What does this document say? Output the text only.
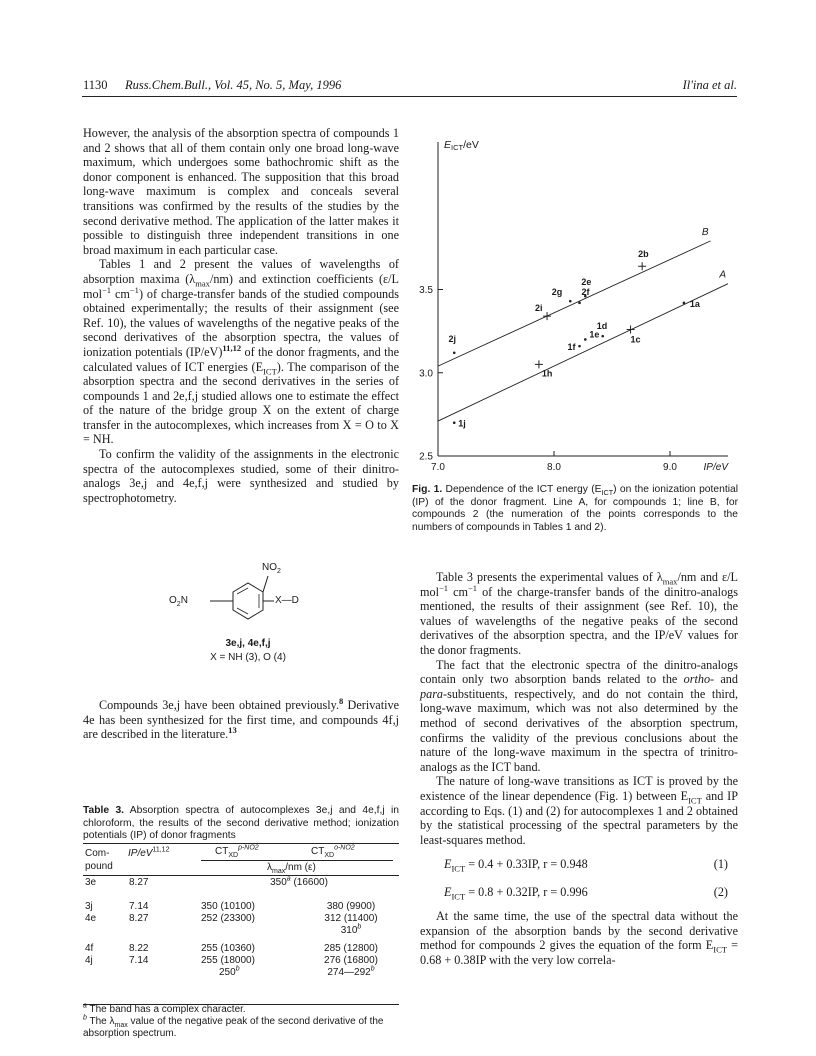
1130 Russ.Chem.Bull., Vol. 45, No. 5, May, 1996	Il'ina et al.

However, the analysis of the absorption spectra of compounds 1 and 2 shows that all of them contain only one broad long-wave maximum, which undergoes some bathochromic shift as the donor component is enhanced. The supposition that this broad long-wave maximum is complex and conceals several transitions was confirmed by the results of the studies by the second derivative method. The application of the latter makes it possible to distinguish three independent transitions in one broad maximum in each particular case.

Tables 1 and 2 present the values of wavelengths of absorption maxima $(\lambda_{max}/nm)$ and extinction coefficients (ε/L mol$^{-1}$ $cm^{-1}$) of charge-transfer bands of the studied compounds obtained experimentally; the results of their assignment (see Ref. 10), the values of wavelengths of the negative peaks of the second derivatives of the absorption spectra, the values of ionization potentials $(IP/eV)^{11,12}$ of the donor fragments, and the calculated values of ICT energies $(E_{ICT})$. The comparison of the absorption spectra and the second derivatives in the series of compounds 1 and 2e,f,j studied allows one to estimate the effect of the nature of the bridge group X on the extent of charge transfer in the autocomplexes, which increases from X = O to X = NH.

To confirm the validity of the assignments in the electronic spectra of the autocomplexes studied, some of their dinitro-analogs 3e,j and 4e,f,j were synthesized and studied by spectrophotometry.

$NO_2$
$O_2N$	X—D
3e,j, 4e,f,j
X = NH (3), O (4)

Compounds 3e,j have been obtained previously.$^8$ Derivative 4e has been synthesized for the first time, and compounds 4f,j are described in the literature.$^{13}$

Table 3. Absorption spectra of autocomplexes 3e,j and 4e,f,j in chloroform, the results of the second derivative method; ionization potentials (IP) of donor fragments
Com-
pound
IP/eV$^{11,12}$	$CT_{XD}^{p-NO2}$	$CT_{XD}^{o-NO2}$
$\lambda_{max}/nm$ (ε)
3e	8.27	350$^a$ (16600)	

3j	7.14	350 (10100)	380 (9900)
4e	8.27	252 (23300)	312 (11400)
			310$^b$

4f	8.22	255 (10360)	285 (12800)
4j	7.14	255 (18000)	276 (16800)
		250$^b$	274—292$^b$
$^a$ The band has a complex character.
$^b$ The $\lambda_{max}$ value of the negative peak of the second derivative of the absorption spectrum.
7.0	8.0	9.0
2.5
3.0
3.5
EICT/eV
IP/eV
A
B
1a
1c
1d
1e
1f
1h
1j
2b
2e
2f
2g
2i
2j
Fig. 1. Dependence of the ICT energy $(E_{ICT})$ on the ionization potential (IP) of the donor fragment. Line A, for compounds 1; line B, for compounds 2 (the numeration of the points corresponds to the numbers of compounds in Tables 1 and 2).

Table 3 presents the experimental values of $\lambda_{max}/nm$ and ε/L mol$^{-1}$ $cm^{-1}$ of the charge-transfer bands of the dinitro-analogs mentioned, the results of their assignment (see Ref. 10), the values of wavelengths of the negative peaks of the second derivatives of the absorption spectra, and the IP/eV values for the donor fragments.

The fact that the electronic spectra of the dinitro-analogs contain only two absorption bands related to the ortho- and para-substituents, respectively, and do not contain the third, long-wave maximum, which was not also determined by the method of second derivatives of the absorption spectrum, confirms the validity of the previous conclusions about the nature of the long-wave maximum in the spectra of trinitro-analogs as the ICT band.

The nature of long-wave transitions as ICT is proved by the existence of the linear dependence (Fig. 1) between $E_{ICT}$ and IP according to Eqs. (1) and (2) for autocomplexes 1 and 2 obtained by the statistical processing of the spectral parameters by the least-squares method.

$E_{ICT} = 0.4 + 0.33IP$, r = 0.948	(1)
$E_{ICT} = 0.8 + 0.32IP$, r = 0.996	(2)

At the same time, the use of the spectral data without the expansion of the absorption bands by the second derivative method for compounds 2 gives the equation of the form $E_{ICT} = 0.68 + 0.38IP$ with the very low correla-
